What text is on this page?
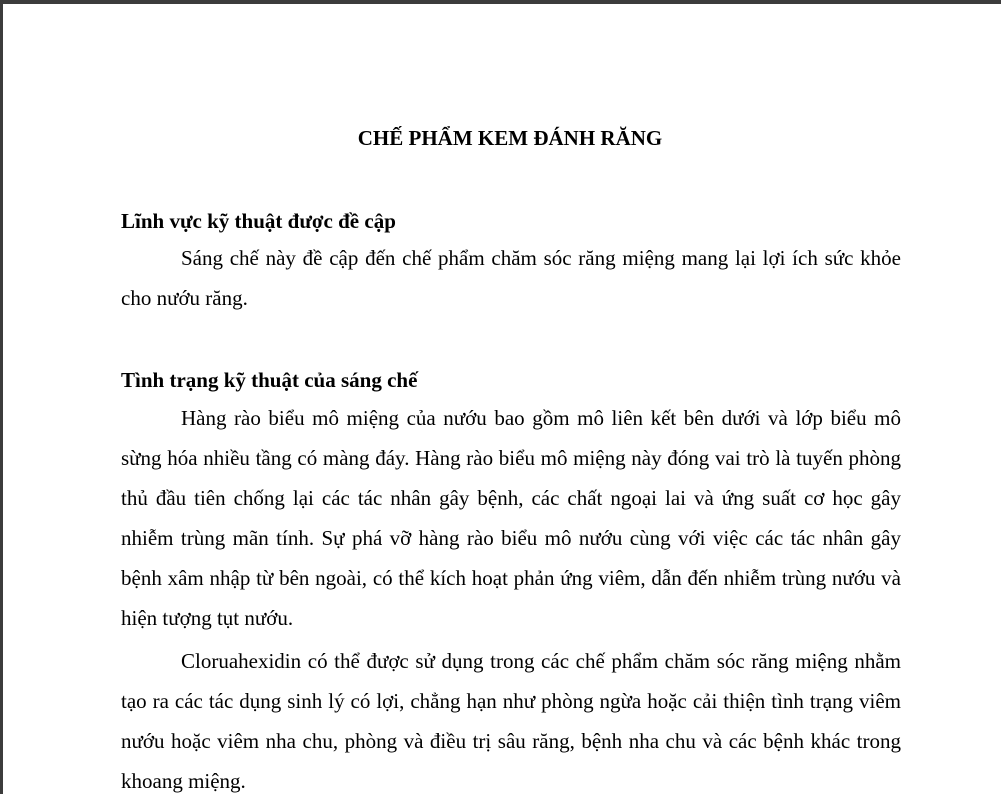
CHẾ PHẨM KEM ĐÁNH RĂNG
Lĩnh vực kỹ thuật được đề cập
Sáng chế này đề cập đến chế phẩm chăm sóc răng miệng mang lại lợi ích sức khỏe cho nướu răng.
Tình trạng kỹ thuật của sáng chế
Hàng rào biểu mô miệng của nướu bao gồm mô liên kết bên dưới và lớp biểu mô sừng hóa nhiều tầng có màng đáy. Hàng rào biểu mô miệng này đóng vai trò là tuyến phòng thủ đầu tiên chống lại các tác nhân gây bệnh, các chất ngoại lai và ứng suất cơ học gây nhiễm trùng mãn tính. Sự phá vỡ hàng rào biểu mô nướu cùng với việc các tác nhân gây bệnh xâm nhập từ bên ngoài, có thể kích hoạt phản ứng viêm, dẫn đến nhiễm trùng nướu và hiện tượng tụt nướu.
Cloruahexidin có thể được sử dụng trong các chế phẩm chăm sóc răng miệng nhằm tạo ra các tác dụng sinh lý có lợi, chẳng hạn như phòng ngừa hoặc cải thiện tình trạng viêm nướu hoặc viêm nha chu, phòng và điều trị sâu răng, bệnh nha chu và các bệnh khác trong khoang miệng.
